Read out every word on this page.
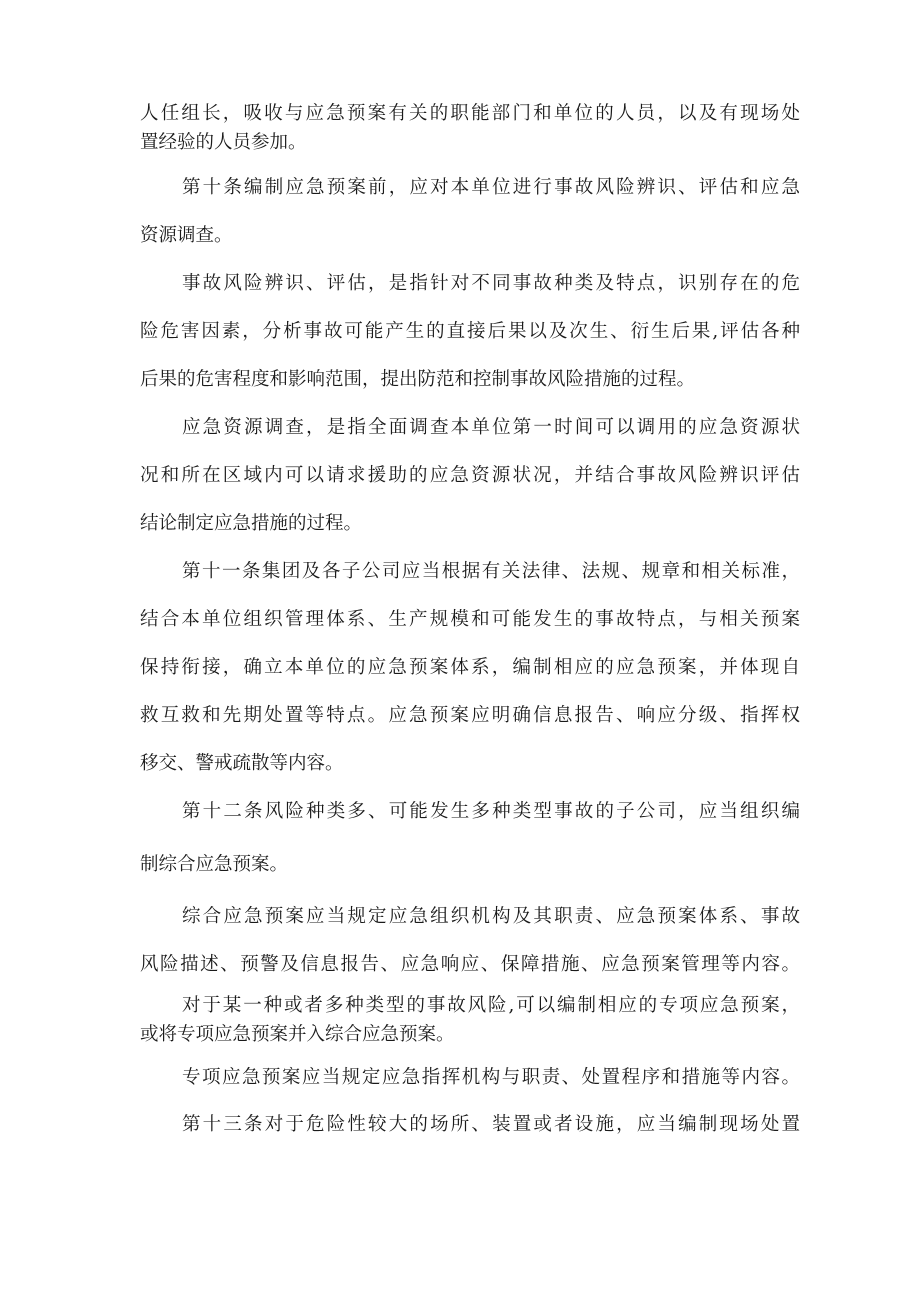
人任组长，吸收与应急预案有关的职能部门和单位的人员，以及有现场处
置经验的人员参加。
第十条编制应急预案前，应对本单位进行事故风险辨识、评估和应急
资源调查。
事故风险辨识、评估，是指针对不同事故种类及特点，识别存在的危
险危害因素，分析事故可能产生的直接后果以及次生、衍生后果,评估各种
后果的危害程度和影响范围，提出防范和控制事故风险措施的过程。
应急资源调查，是指全面调查本单位第一时间可以调用的应急资源状
况和所在区域内可以请求援助的应急资源状况，并结合事故风险辨识评估
结论制定应急措施的过程。
第十一条集团及各子公司应当根据有关法律、法规、规章和相关标准，
结合本单位组织管理体系、生产规模和可能发生的事故特点，与相关预案
保持衔接，确立本单位的应急预案体系，编制相应的应急预案，并体现自
救互救和先期处置等特点。应急预案应明确信息报告、响应分级、指挥权
移交、警戒疏散等内容。
第十二条风险种类多、可能发生多种类型事故的子公司，应当组织编
制综合应急预案。
综合应急预案应当规定应急组织机构及其职责、应急预案体系、事故
风险描述、预警及信息报告、应急响应、保障措施、应急预案管理等内容。
对于某一种或者多种类型的事故风险,可以编制相应的专项应急预案，
或将专项应急预案并入综合应急预案。
专项应急预案应当规定应急指挥机构与职责、处置程序和措施等内容。
第十三条对于危险性较大的场所、装置或者设施，应当编制现场处置
